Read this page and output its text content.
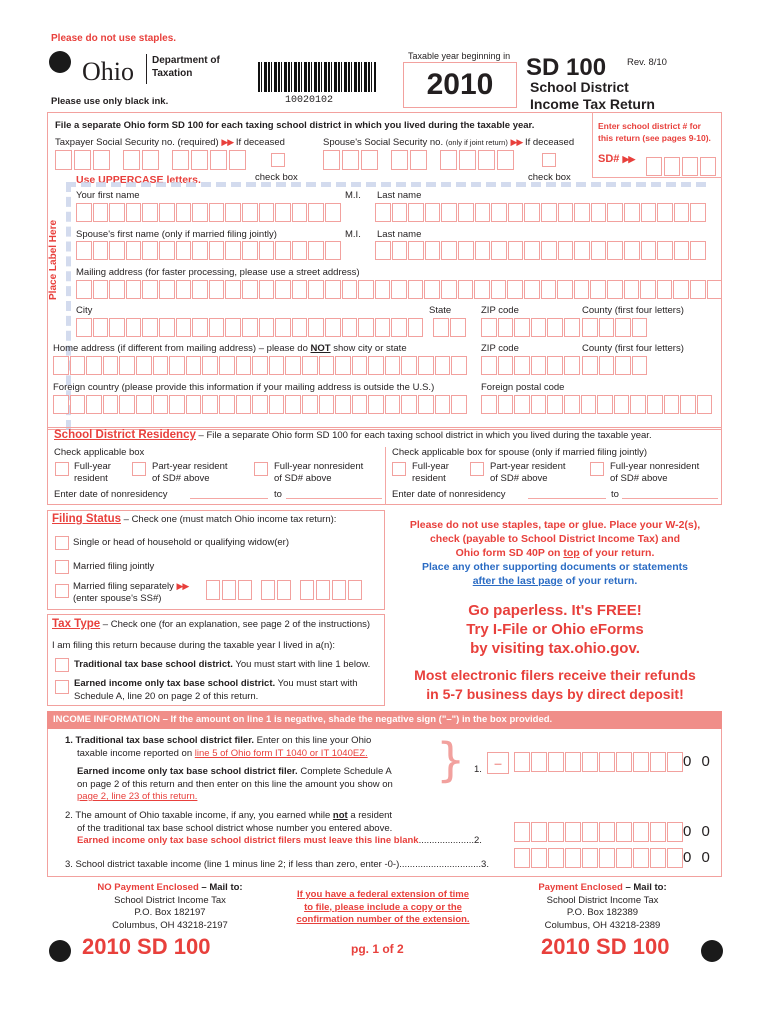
Please do not use staples.
Ohio Department of
Taxation
Please use only black ink.	10020102
Taxable year beginning in
2010
SD 100 Rev. 8/10
School District
Income Tax Return
File a separate Ohio form SD 100 for each taxing school district in which you lived during the taxable year.	Enter school district # for
this return (see pages 9-10).
Taxpayer Social Security no. (required) ▶▶ If deceased	Spouse's Social Security no. (only if joint return) ▶▶ If deceased
check box	check box
SD# ▶▶
Use UPPERCASE letters.
Place Label Here
Your first name	M.I. Last name
Spouse's first name (only if married filing jointly)	M.I. Last name
Mailing address (for faster processing, please use a street address)
City	State	ZIP code	County (first four letters)
Home address (if different from mailing address) – please do NOT show city or state	ZIP code	County (first four letters)
Foreign country (please provide this information if your mailing address is outside the U.S.)	Foreign postal code
School District Residency – File a separate Ohio form SD 100 for each taxing school district in which you lived during the taxable year.
Check applicable box	Check applicable box for spouse (only if married filing jointly)
Full-year
resident
Part-year resident
of SD# above
Full-year nonresident
of SD# above
Full-year
resident
Part-year resident
of SD# above
Full-year nonresident
of SD# above
Enter date of nonresidency	to	Enter date of nonresidency	to
Filing Status – Check one (must match Ohio income tax return):
Single or head of household or qualifying widow(er)
Married filing jointly
Married filing separately ▶▶
(enter spouse's SS#)
Tax Type – Check one (for an explanation, see page 2 of the instructions)
I am filing this return because during the taxable year I lived in a(n):
Traditional tax base school district. You must start with line 1 below.
Earned income only tax base school district. You must start with
Schedule A, line 20 on page 2 of this return.
Please do not use staples, tape or glue. Place your W-2(s),
check (payable to School District Income Tax) and
Ohio form SD 40P on top of your return.
Place any other supporting documents or statements
after the last page of your return.
Go paperless. It's FREE!
Try I-File or Ohio eForms
by visiting tax.ohio.gov.
Most electronic filers receive their refunds
in 5-7 business days by direct deposit!
INCOME INFORMATION – If the amount on line 1 is negative, shade the negative sign ("–") in the box provided.
1. Traditional tax base school district filer. Enter on this line your Ohio
taxable income reported on line 5 of Ohio form IT 1040 or IT 1040EZ.
Earned income only tax base school district filer. Complete Schedule A
on page 2 of this return and then enter on this line the amount you show on
page 2, line 23 of this return.
} 1. –	0 0
2. The amount of Ohio taxable income, if any, you earned while not a resident
of the traditional tax base school district whose number you entered above.
Earned income only tax base school district filers must leave this line blank.....................2.
0 0
3. School district taxable income (line 1 minus line 2; if less than zero, enter -0-)...............................3.	0 0
NO Payment Enclosed – Mail to:
School District Income Tax
P.O. Box 182197
Columbus, OH 43218-2197
If you have a federal extension of time
to file, please include a copy or the
confirmation number of the extension.
Payment Enclosed – Mail to:
School District Income Tax
P.O. Box 182389
Columbus, OH 43218-2389
2010 SD 100	pg. 1 of 2	2010 SD 100
